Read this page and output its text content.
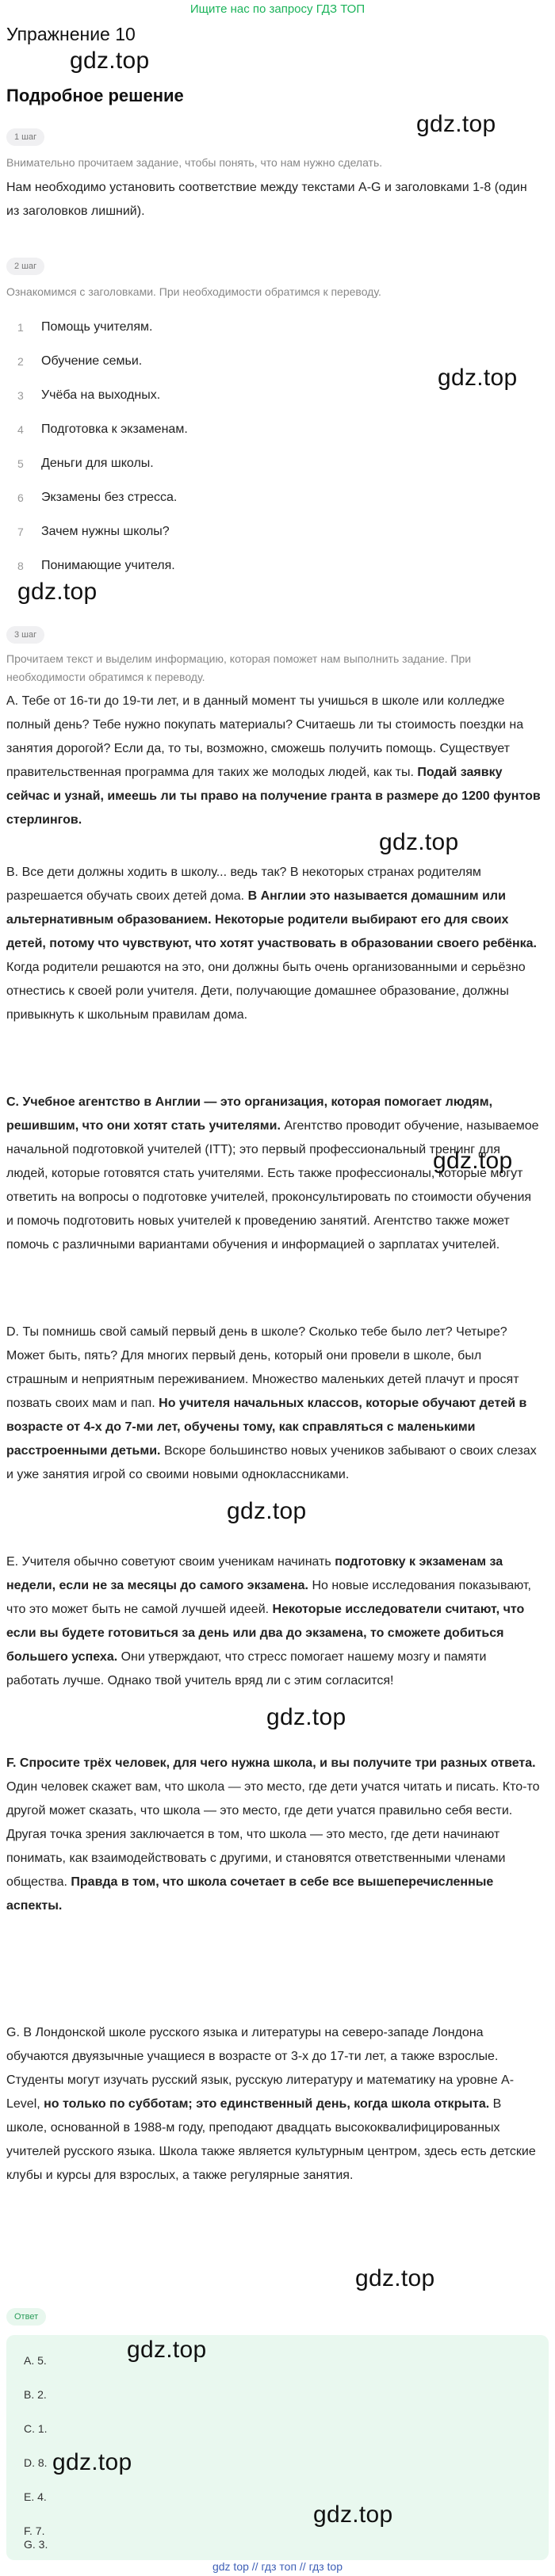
Ищите нас по запросу ГДЗ ТОП
Упражнение 10
gdz.top
Подробное решение
gdz.top
1 шаг
Внимательно прочитаем задание, чтобы понять, что нам нужно сделать.
Нам необходимо установить соответствие между текстами A-G и заголовками 1-8 (один из заголовков лишний).
2 шаг
Ознакомимся с заголовками. При необходимости обратимся к переводу.
1	Помощь учителям.
2	Обучение семьи.
3	Учёба на выходных.
4	Подготовка к экзаменам.
5	Деньги для школы.
6	Экзамены без стресса.
7	Зачем нужны школы?
8	Понимающие учителя.
gdz.top
gdz.top
3 шаг
Прочитаем текст и выделим информацию, которая поможет нам выполнить задание. При необходимости обратимся к переводу.
A. Тебе от 16-ти до 19-ти лет, и в данный момент ты учишься в школе или колледже полный день? Тебе нужно покупать материалы? Считаешь ли ты стоимость поездки на занятия дорогой? Если да, то ты, возможно, сможешь получить помощь. Существует правительственная программа для таких же молодых людей, как ты. Подай заявку сейчас и узнай, имеешь ли ты право на получение гранта в размере до 1200 фунтов стерлингов.
gdz.top
B. Все дети должны ходить в школу... ведь так? В некоторых странах родителям разрешается обучать своих детей дома. В Англии это называется домашним или альтернативным образованием. Некоторые родители выбирают его для своих детей, потому что чувствуют, что хотят участвовать в образовании своего ребёнка. Когда родители решаются на это, они должны быть очень организованными и серьёзно отнестись к своей роли учителя. Дети, получающие домашнее образование, должны привыкнуть к школьным правилам дома.
C. Учебное агентство в Англии — это организация, которая помогает людям, решившим, что они хотят стать учителями. Агентство проводит обучение, называемое начальной подготовкой учителей (ITT); это первый профессиональный тренинг для людей, которые готовятся стать учителями. Есть также профессионалы, которые могут ответить на вопросы о подготовке учителей, проконсультировать по стоимости обучения и помочь подготовить новых учителей к проведению занятий. Агентство также может помочь с различными вариантами обучения и информацией о зарплатах учителей.
gdz.top
D. Ты помнишь свой самый первый день в школе? Сколько тебе было лет? Четыре? Может быть, пять? Для многих первый день, который они провели в школе, был страшным и неприятным переживанием. Множество маленьких детей плачут и просят позвать своих мам и пап. Но учителя начальных классов, которые обучают детей в возрасте от 4-х до 7-ми лет, обучены тому, как справляться с маленькими расстроенными детьми. Вскоре большинство новых учеников забывают о своих слезах и уже занятия игрой со своими новыми одноклассниками.
gdz.top
E. Учителя обычно советуют своим ученикам начинать подготовку к экзаменам за недели, если не за месяцы до самого экзамена. Но новые исследования показывают, что это может быть не самой лучшей идеей. Некоторые исследователи считают, что если вы будете готовиться за день или два до экзамена, то сможете добиться большего успеха. Они утверждают, что стресс помогает нашему мозгу и памяти работать лучше. Однако твой учитель вряд ли с этим согласится!
gdz.top
F. Спросите трёх человек, для чего нужна школа, и вы получите три разных ответа. Один человек скажет вам, что школа — это место, где дети учатся читать и писать. Кто-то другой может сказать, что школа — это место, где дети учатся правильно себя вести. Другая точка зрения заключается в том, что школа — это место, где дети начинают понимать, как взаимодействовать с другими, и становятся ответственными членами общества. Правда в том, что школа сочетает в себе все вышеперечисленные аспекты.
G. В Лондонской школе русского языка и литературы на северо-западе Лондона обучаются двуязычные учащиеся в возрасте от 3-х до 17-ти лет, а также взрослые. Студенты могут изучать русский язык, русскую литературу и математику на уровне A-Level, но только по субботам; это единственный день, когда школа открыта. В школе, основанной в 1988-м году, преподают двадцать высококвалифицированных учителей русского языка. Школа также является культурным центром, здесь есть детские клубы и курсы для взрослых, а также регулярные занятия.
gdz.top
Ответ
A. 5.
B. 2.
C. 1.
D. 8.
E. 4.
F. 7.
G. 3.
gdz.top
gdz.top
gdz.top
gdz top // гдз топ // гдз top
